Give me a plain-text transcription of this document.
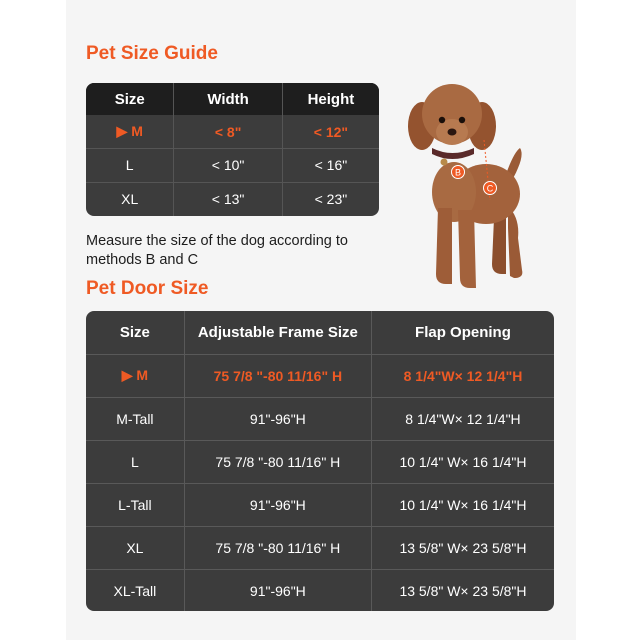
Pet Size Guide
Size	Width	Height
▶ M	< 8"	< 12"
L	< 10"	< 16"
XL	< 13"	< 23"
Measure the size of the dog according to methods B and C
B
C
Pet Door Size
Size	Adjustable Frame Size	Flap Opening
▶ M	75 7/8 "-80 11/16" H	8 1/4"W× 12 1/4"H
M-Tall	91"-96"H	8 1/4"W× 12 1/4"H
L	75 7/8 "-80 11/16" H	10 1/4" W× 16 1/4"H
L-Tall	91"-96"H	10 1/4" W× 16 1/4"H
XL	75 7/8 "-80 11/16" H	13 5/8" W× 23 5/8"H
XL-Tall	91"-96"H	13 5/8" W× 23 5/8"H
